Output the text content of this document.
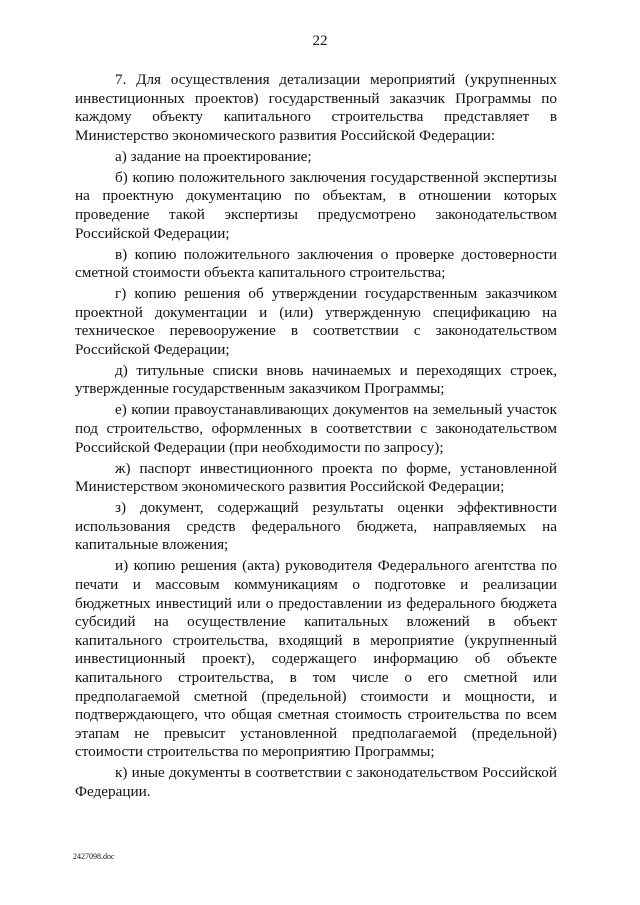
22

7. Для осуществления детализации мероприятий (укрупненных инвестиционных проектов) государственный заказчик Программы по каждому объекту капитального строительства представляет в Министерство экономического развития Российской Федерации:

а) задание на проектирование;

б) копию положительного заключения государственной экспертизы на проектную документацию по объектам, в отношении которых проведение такой экспертизы предусмотрено законодательством Российской Федерации;

в) копию положительного заключения о проверке достоверности сметной стоимости объекта капитального строительства;

г) копию решения об утверждении государственным заказчиком проектной документации и (или) утвержденную спецификацию на техническое перевооружение в соответствии с законодательством Российской Федерации;

д) титульные списки вновь начинаемых и переходящих строек, утвержденные государственным заказчиком Программы;

е) копии правоустанавливающих документов на земельный участок под строительство, оформленных в соответствии с законодательством Российской Федерации (при необходимости по запросу);

ж) паспорт инвестиционного проекта по форме, установленной Министерством экономического развития Российской Федерации;

з) документ, содержащий результаты оценки эффективности использования средств федерального бюджета, направляемых на капитальные вложения;

и) копию решения (акта) руководителя Федерального агентства по печати и массовым коммуникациям о подготовке и реализации бюджетных инвестиций или о предоставлении из федерального бюджета субсидий на осуществление капитальных вложений в объект капитального строительства, входящий в мероприятие (укрупненный инвестиционный проект), содержащего информацию об объекте капитального строительства, в том числе о его сметной или предполагаемой сметной (предельной) стоимости и мощности, и подтверждающего, что общая сметная стоимость строительства по всем этапам не превысит установленной предполагаемой (предельной) стоимости строительства по мероприятию Программы;

к) иные документы в соответствии с законодательством Российской Федерации.

2427098.doc
